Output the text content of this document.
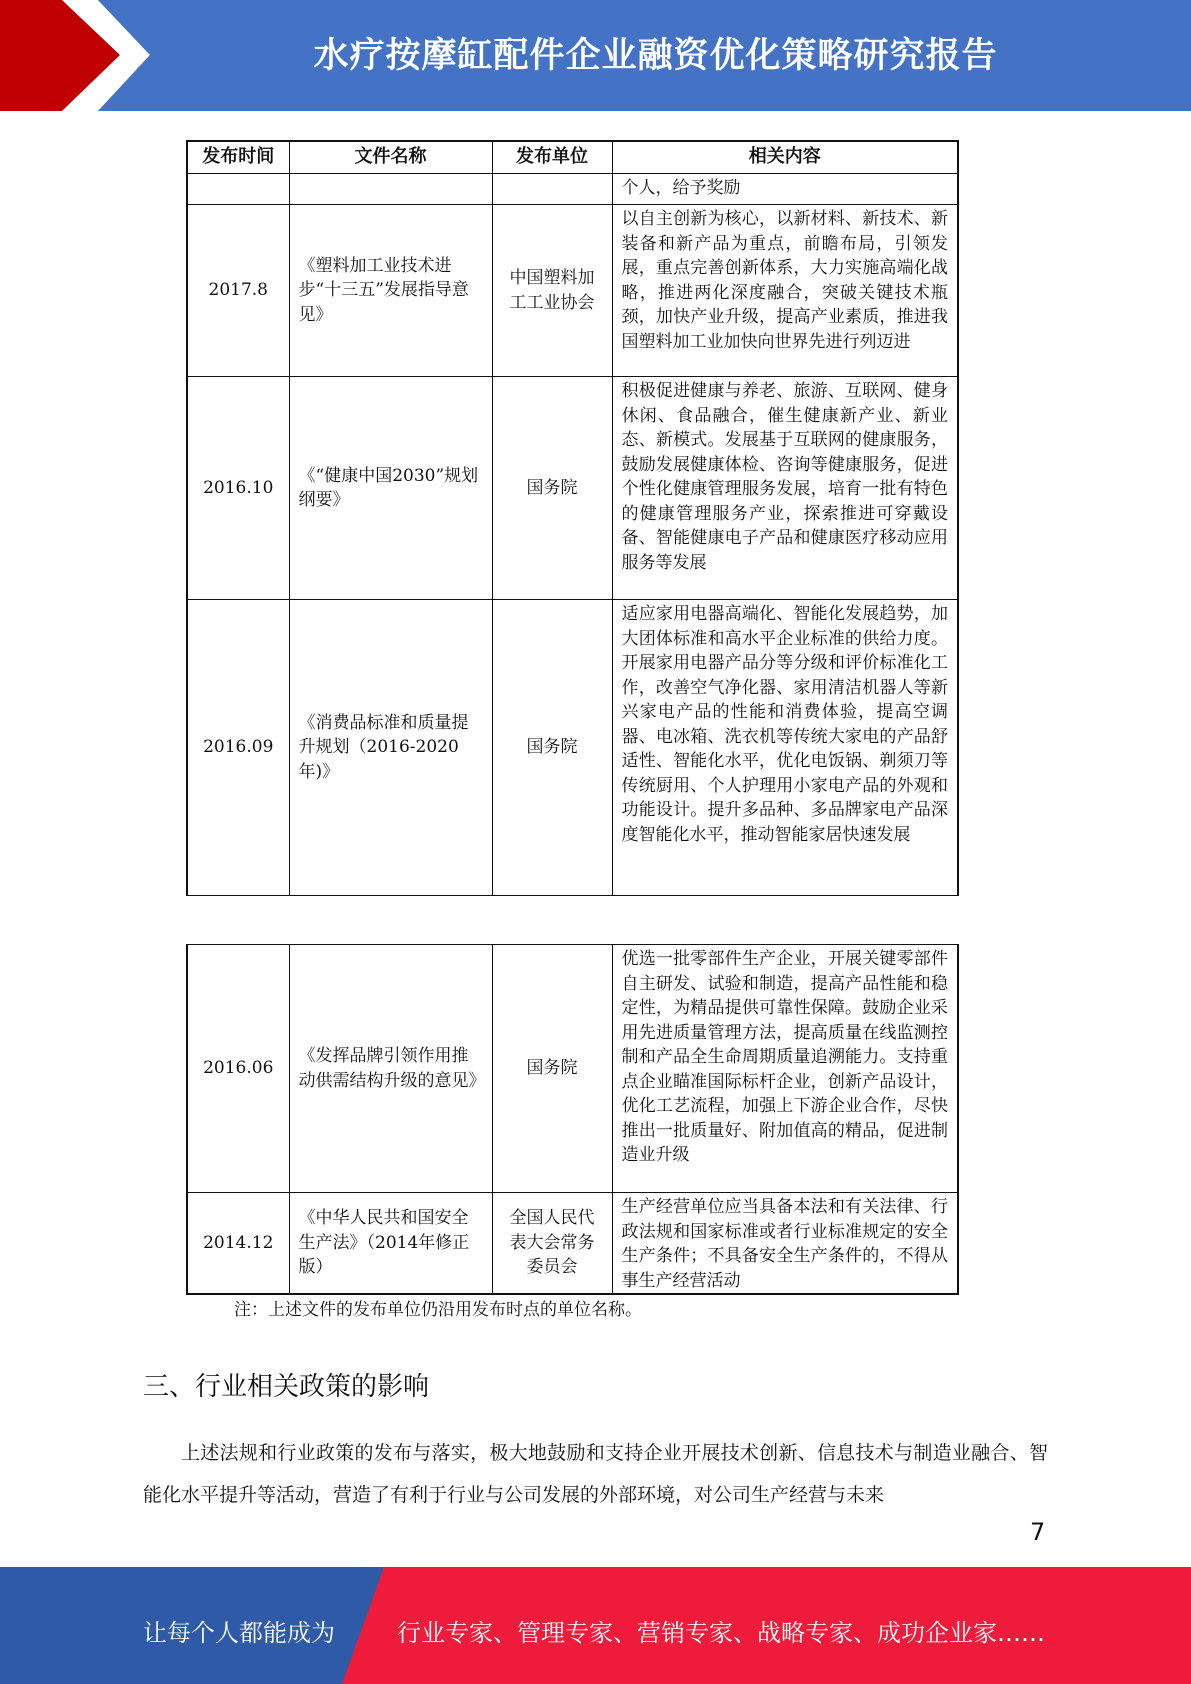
水疗按摩缸配件企业融资优化策略研究报告
发布时间	文件名称	发布单位	相关内容
			个人，给予奖励
2017.8	《塑料加工业技术进步“十三五”发展指导意见》	中国塑料加工工业协会	以自主创新为核心，以新材料、新技术、新装备和新产品为重点，前瞻布局，引领发展，重点完善创新体系，大力实施高端化战略，推进两化深度融合，突破关键技术瓶颈，加快产业升级，提高产业素质，推进我国塑料加工业加快向世界先进行列迈进
2016.10	《“健康中国2030”规划纲要》	国务院	积极促进健康与养老、旅游、互联网、健身休闲、食品融合，催生健康新产业、新业态、新模式。发展基于互联网的健康服务，鼓励发展健康体检、咨询等健康服务，促进个性化健康管理服务发展，培育一批有特色的健康管理服务产业，探索推进可穿戴设备、智能健康电子产品和健康医疗移动应用服务等发展
2016.09	《消费品标准和质量提升规划（2016-2020年)》	国务院	适应家用电器高端化、智能化发展趋势，加大团体标准和高水平企业标准的供给力度。开展家用电器产品分等分级和评价标准化工作，改善空气净化器、家用清洁机器人等新兴家电产品的性能和消费体验，提高空调器、电冰箱、洗衣机等传统大家电的产品舒适性、智能化水平，优化电饭锅、剃须刀等传统厨用、个人护理用小家电产品的外观和功能设计。提升多品种、多品牌家电产品深度智能化水平，推动智能家居快速发展
2016.06	《发挥品牌引领作用推动供需结构升级的意见》	国务院	优选一批零部件生产企业，开展关键零部件自主研发、试验和制造，提高产品性能和稳定性，为精品提供可靠性保障。鼓励企业采用先进质量管理方法，提高质量在线监测控制和产品全生命周期质量追溯能力。支持重点企业瞄准国际标杆企业，创新产品设计，优化工艺流程，加强上下游企业合作，尽快推出一批质量好、附加值高的精品，促进制造业升级
2014.12	《中华人民共和国安全生产法》（2014年修正版）	全国人民代表大会常务委员会	生产经营单位应当具备本法和有关法律、行政法规和国家标准或者行业标准规定的安全生产条件；不具备安全生产条件的，不得从事生产经营活动
注：上述文件的发布单位仍沿用发布时点的单位名称。
三、行业相关政策的影响
上述法规和行业政策的发布与落实，极大地鼓励和支持企业开展技术创新、信息技术与制造业融合、智能化水平提升等活动，营造了有利于行业与公司发展的外部环境，对公司生产经营与未来
7
让每个人都能成为	行业专家、管理专家、营销专家、战略专家、成功企业家……
